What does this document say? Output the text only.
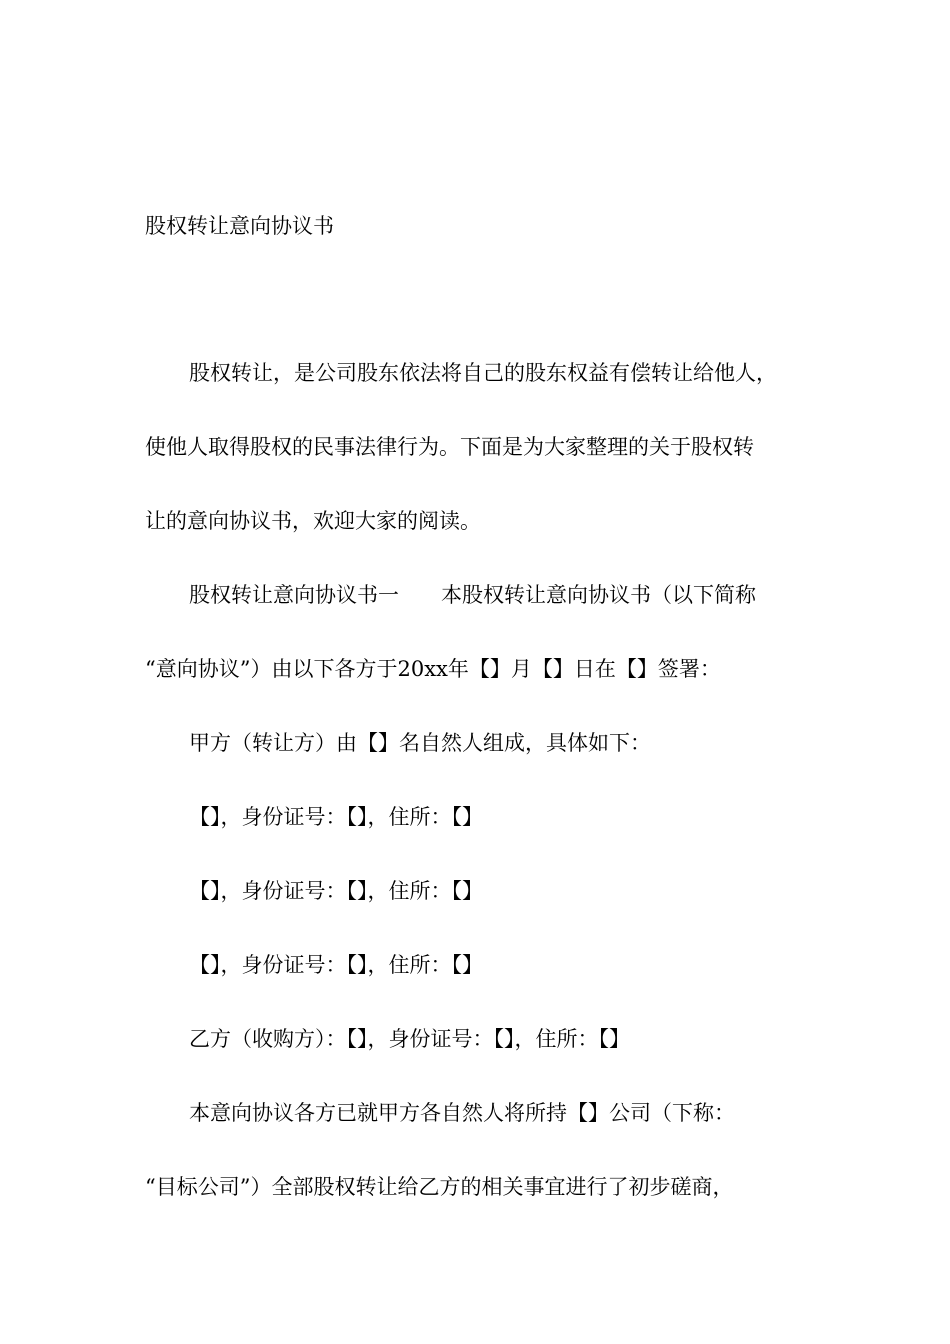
股权转让意向协议书
股权转让，是公司股东依法将自己的股东权益有偿转让给他人，
使他人取得股权的民事法律行为。下面是为大家整理的关于股权转
让的意向协议书，欢迎大家的阅读。
股权转让意向协议书一　　本股权转让意向协议书（以下简称
“意向协议”）由以下各方于20xx年【】月【】日在【】签署：
甲方（转让方）由【】名自然人组成，具体如下：
【】，身份证号：【】，住所：【】
【】，身份证号：【】，住所：【】
【】，身份证号：【】，住所：【】
乙方（收购方）：【】，身份证号：【】，住所：【】
本意向协议各方已就甲方各自然人将所持【】公司（下称：
“目标公司”）全部股权转让给乙方的相关事宜进行了初步磋商，
